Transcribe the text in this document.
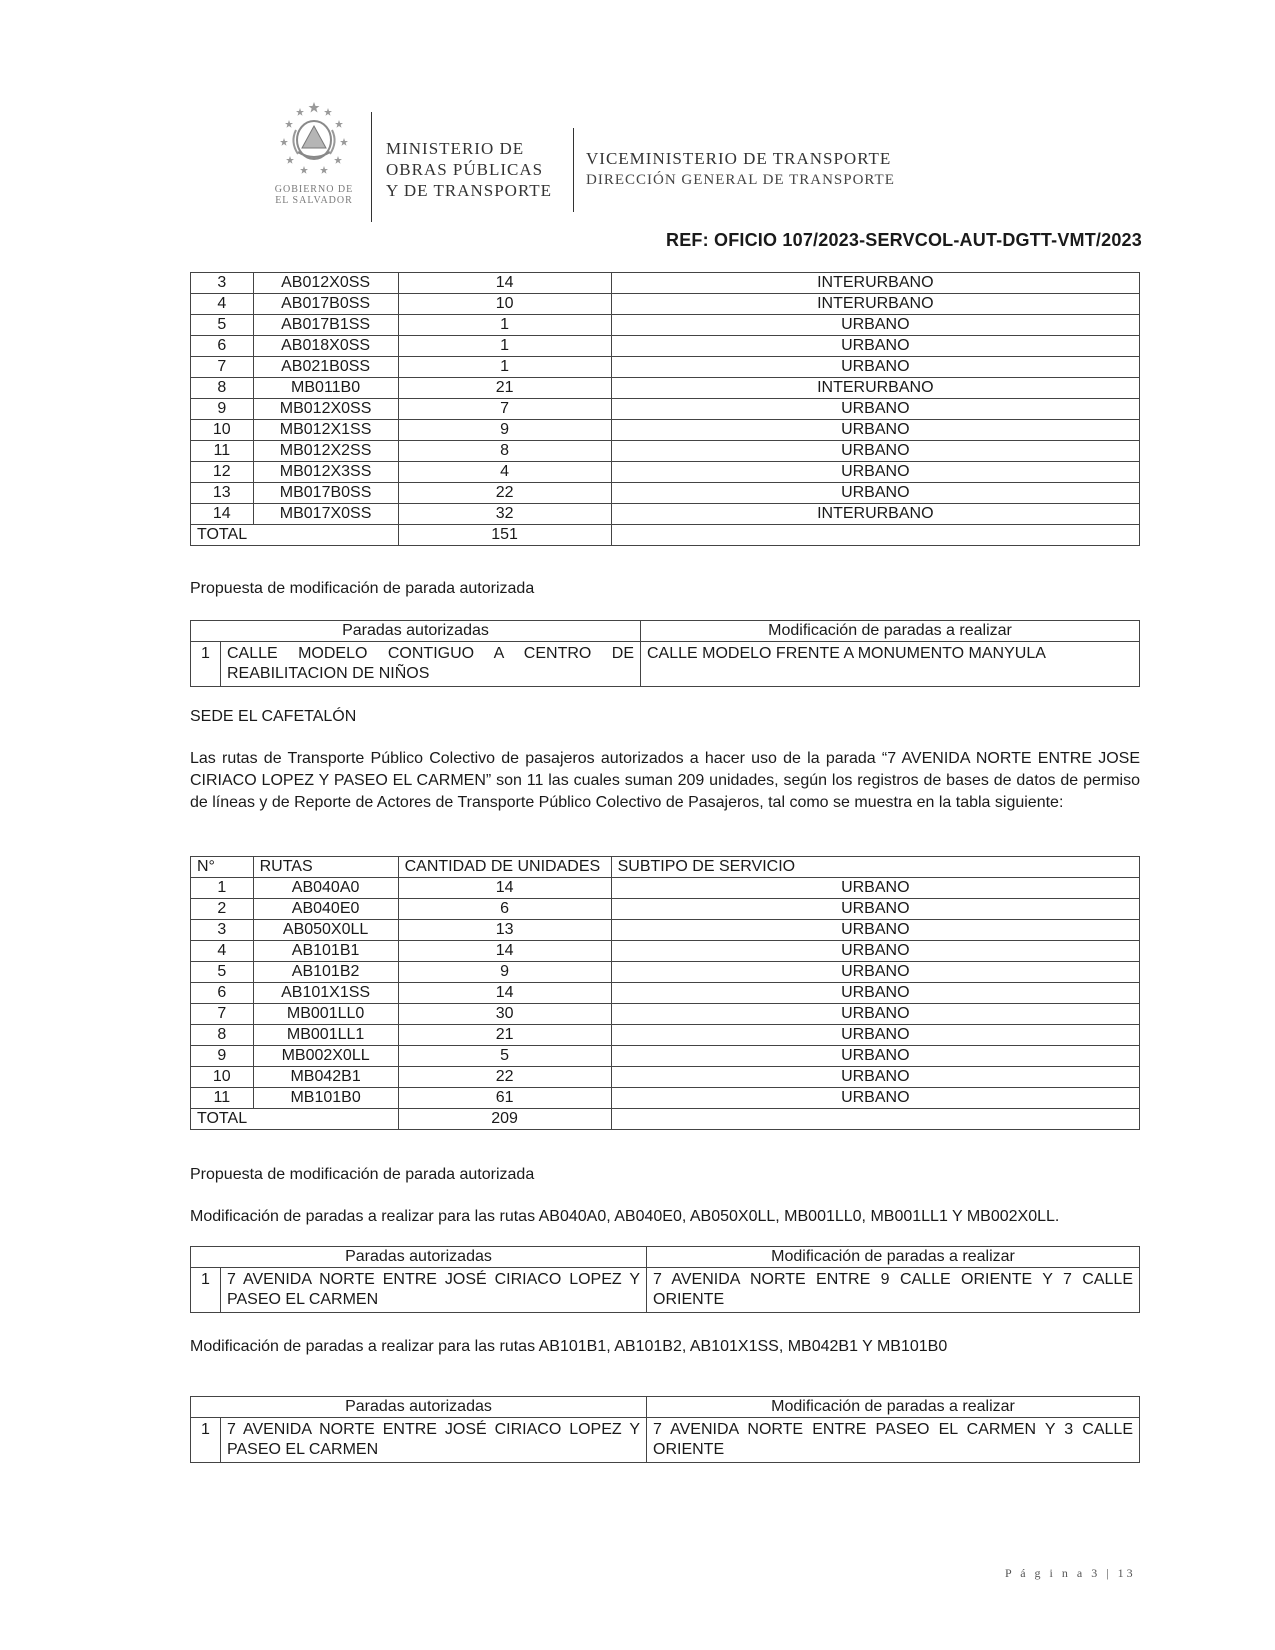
GOBIERNO DE
EL SALVADOR
MINISTERIO DE
OBRAS PÚBLICAS
Y DE TRANSPORTE
VICEMINISTERIO DE TRANSPORTE
DIRECCIÓN GENERAL DE TRANSPORTE
REF: OFICIO 107/2023-SERVCOL-AUT-DGTT-VMT/2023
3	AB012X0SS	14	INTERURBANO
4	AB017B0SS	10	INTERURBANO
5	AB017B1SS	1	URBANO
6	AB018X0SS	1	URBANO
7	AB021B0SS	1	URBANO
8	MB011B0	21	INTERURBANO
9	MB012X0SS	7	URBANO
10	MB012X1SS	9	URBANO
11	MB012X2SS	8	URBANO
12	MB012X3SS	4	URBANO
13	MB017B0SS	22	URBANO
14	MB017X0SS	32	INTERURBANO
TOTAL		151	
Propuesta de modificación de parada autorizada
Paradas autorizadas		Modificación de paradas a realizar
1	CALLE MODELO CONTIGUO A CENTRO DE REABILITACION DE NIÑOS	CALLE MODELO FRENTE A MONUMENTO MANYULA
SEDE EL CAFETALÓN
Las rutas de Transporte Público Colectivo de pasajeros autorizados a hacer uso de la parada “7 AVENIDA NORTE ENTRE JOSE CIRIACO LOPEZ Y PASEO EL CARMEN” son 11 las cuales suman 209 unidades, según los registros de bases de datos de permiso de líneas y de Reporte de Actores de Transporte Público Colectivo de Pasajeros, tal como se muestra en la tabla siguiente:
N°	RUTAS	CANTIDAD DE UNIDADES	SUBTIPO DE SERVICIO
1	AB040A0	14	URBANO
2	AB040E0	6	URBANO
3	AB050X0LL	13	URBANO
4	AB101B1	14	URBANO
5	AB101B2	9	URBANO
6	AB101X1SS	14	URBANO
7	MB001LL0	30	URBANO
8	MB001LL1	21	URBANO
9	MB002X0LL	5	URBANO
10	MB042B1	22	URBANO
11	MB101B0	61	URBANO
TOTAL		209	
Propuesta de modificación de parada autorizada
Modificación de paradas a realizar para las rutas AB040A0, AB040E0, AB050X0LL, MB001LL0, MB001LL1 Y MB002X0LL.
Paradas autorizadas		Modificación de paradas a realizar
1	7 AVENIDA NORTE ENTRE JOSÉ CIRIACO LOPEZ Y PASEO EL CARMEN	7 AVENIDA NORTE ENTRE 9 CALLE ORIENTE Y 7 CALLE ORIENTE
Modificación de paradas a realizar para las rutas AB101B1, AB101B2, AB101X1SS, MB042B1 Y MB101B0
Paradas autorizadas		Modificación de paradas a realizar
1	7 AVENIDA NORTE ENTRE JOSÉ CIRIACO LOPEZ Y PASEO EL CARMEN	7 AVENIDA NORTE ENTRE PASEO EL CARMEN Y 3 CALLE ORIENTE
P á g i n a 3 | 13
